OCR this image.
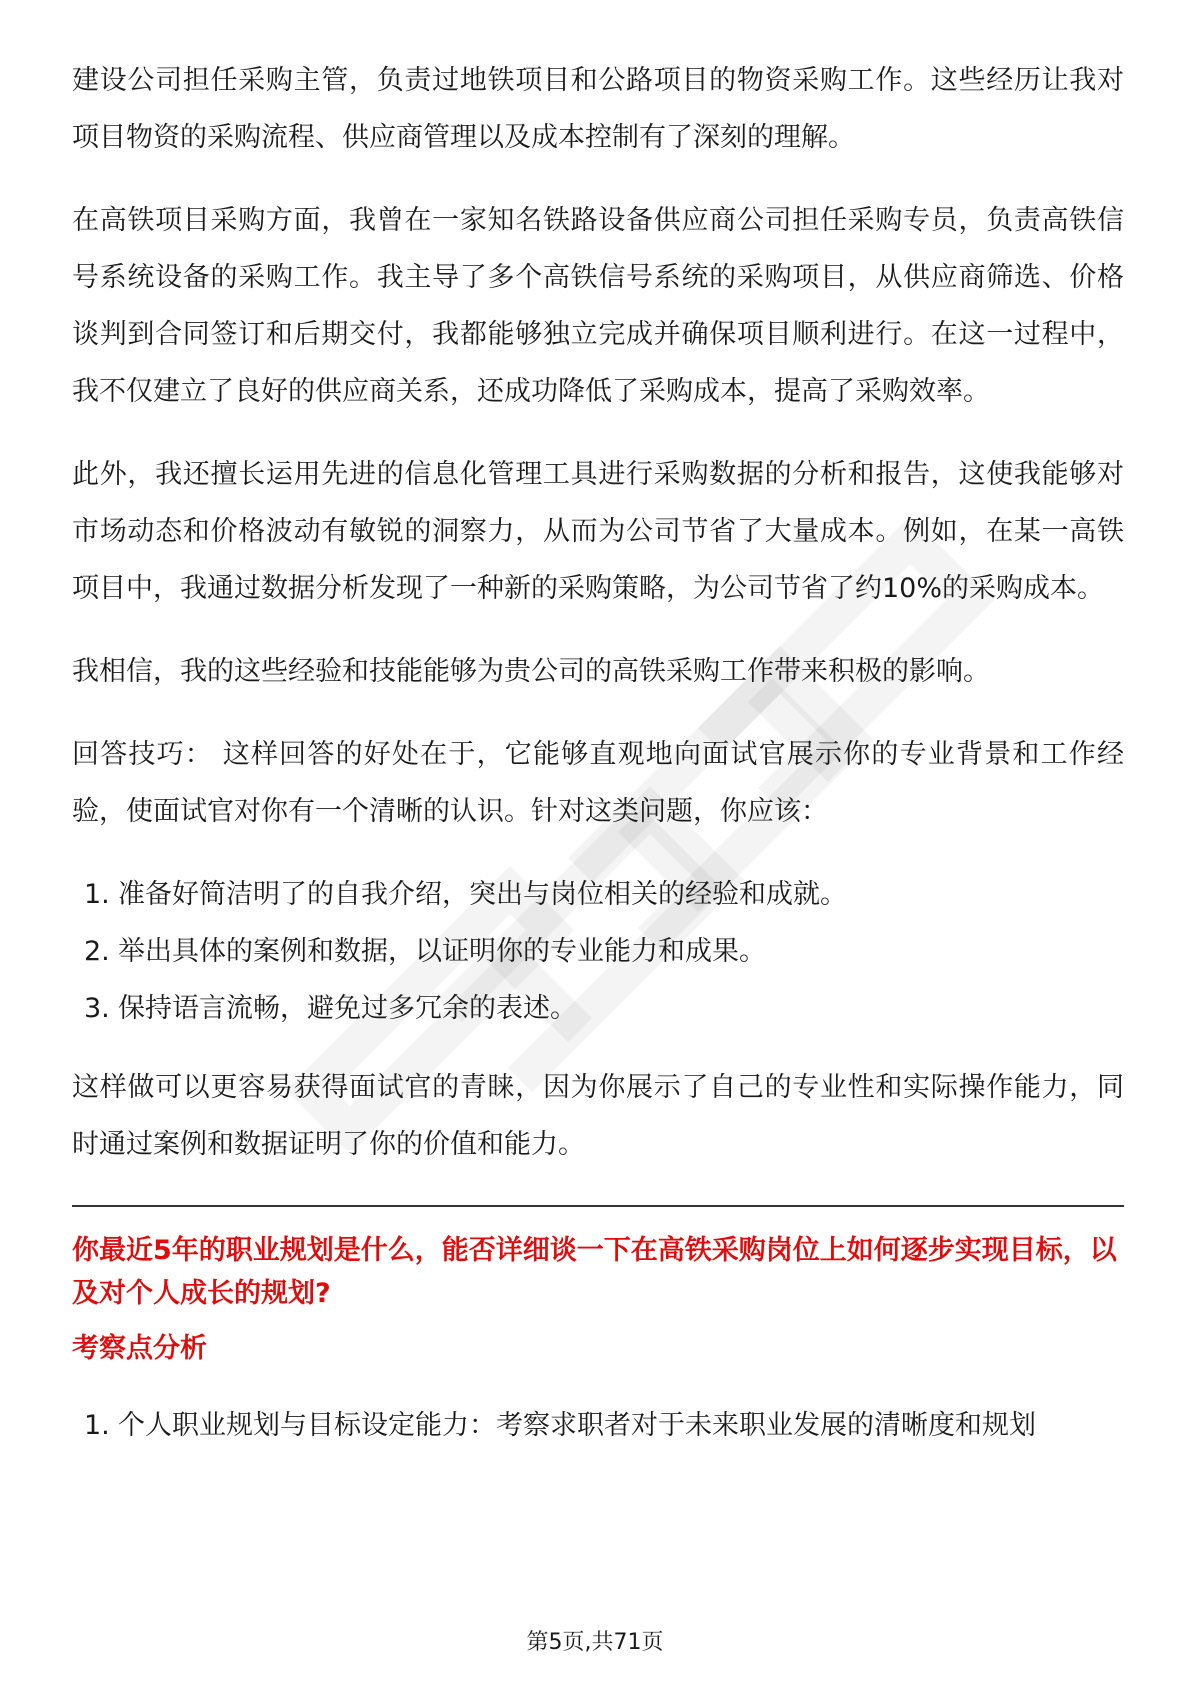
建设公司担任采购主管，负责过地铁项目和公路项目的物资采购工作。这些经历让我对项目物资的采购流程、供应商管理以及成本控制有了深刻的理解。

在高铁项目采购方面，我曾在一家知名铁路设备供应商公司担任采购专员，负责高铁信号系统设备的采购工作。我主导了多个高铁信号系统的采购项目，从供应商筛选、价格谈判到合同签订和后期交付，我都能够独立完成并确保项目顺利进行。在这一过程中，我不仅建立了良好的供应商关系，还成功降低了采购成本，提高了采购效率。

此外，我还擅长运用先进的信息化管理工具进行采购数据的分析和报告，这使我能够对市场动态和价格波动有敏锐的洞察力，从而为公司节省了大量成本。例如，在某一高铁项目中，我通过数据分析发现了一种新的采购策略，为公司节省了约10%的采购成本。

我相信，我的这些经验和技能能够为贵公司的高铁采购工作带来积极的影响。

回答技巧： 这样回答的好处在于，它能够直观地向面试官展示你的专业背景和工作经验，使面试官对你有一个清晰的认识。针对这类问题，你应该：

1. 准备好简洁明了的自我介绍，突出与岗位相关的经验和成就。
2. 举出具体的案例和数据，以证明你的专业能力和成果。
3. 保持语言流畅，避免过多冗余的表述。

这样做可以更容易获得面试官的青睐，因为你展示了自己的专业性和实际操作能力，同时通过案例和数据证明了你的价值和能力。

你最近5年的职业规划是什么，能否详细谈一下在高铁采购岗位上如何逐步实现目标，以及对个人成长的规划?

考察点分析

1. 个人职业规划与目标设定能力：考察求职者对于未来职业发展的清晰度和规划
第5页,共71页
